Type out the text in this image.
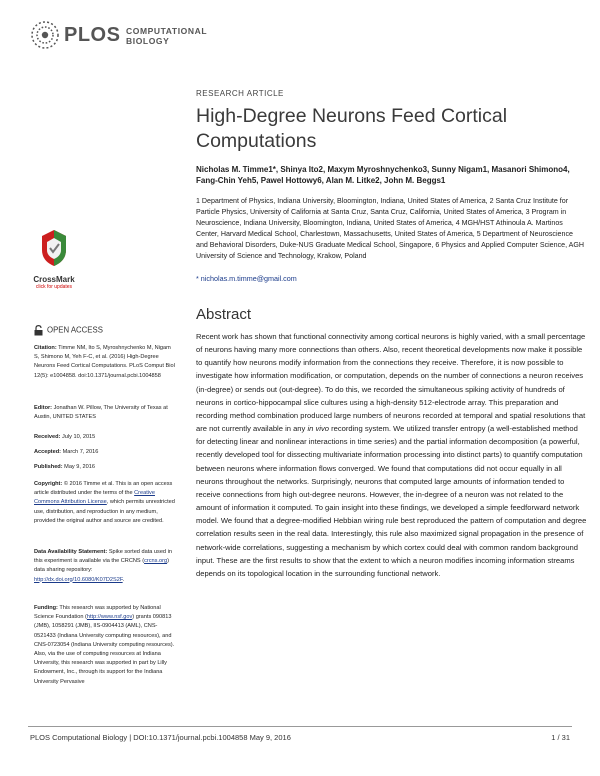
PLOS COMPUTATIONAL
BIOLOGY
CrossMark
click for updates
RESEARCH ARTICLE
High-Degree Neurons Feed Cortical Computations
Nicholas M. Timme1*, Shinya Ito2, Maxym Myroshnychenko3, Sunny Nigam1, Masanori Shimono4, Fang-Chin Yeh5, Pawel Hottowy6, Alan M. Litke2, John M. Beggs1
1 Department of Physics, Indiana University, Bloomington, Indiana, United States of America, 2 Santa Cruz Institute for Particle Physics, University of California at Santa Cruz, Santa Cruz, California, United States of America, 3 Program in Neuroscience, Indiana University, Bloomington, Indiana, United States of America, 4 MGH/HST Athinoula A. Martinos Center, Harvard Medical School, Charlestown, Massachusetts, United States of America, 5 Department of Neuroscience and Behavioral Disorders, Duke-NUS Graduate Medical School, Singapore, 6 Physics and Applied Computer Science, AGH University of Science and Technology, Krakow, Poland
* nicholas.m.timme@gmail.com
Abstract

Recent work has shown that functional connectivity among cortical neurons is highly varied, with a small percentage of neurons having many more connections than others. Also, recent theoretical developments now make it possible to quantify how neurons modify information from the connections they receive. Therefore, it is now possible to investigate how information modification, or computation, depends on the number of connections a neuron receives (in-degree) or sends out (out-degree). To do this, we recorded the simultaneous spiking activity of hundreds of neurons in cortico-hippocampal slice cultures using a high-density 512-electrode array. This preparation and recording method combination produced large numbers of neurons recorded at temporal and spatial resolutions that are not currently available in any in vivo recording system. We utilized transfer entropy (a well-established method for detecting linear and nonlinear interactions in time series) and the partial information decomposition (a powerful, recently developed tool for dissecting multivariate information processing into distinct parts) to quantify computation between neurons where information flows converged. We found that computations did not occur equally in all neurons throughout the networks. Surprisingly, neurons that computed large amounts of information tended to receive connections from high out-degree neurons. However, the in-degree of a neuron was not related to the amount of information it computed. To gain insight into these findings, we developed a simple feedforward network model. We found that a degree-modified Hebbian wiring rule best reproduced the pattern of computation and degree correlation results seen in the real data. Interestingly, this rule also maximized signal propagation in the presence of network-wide correlations, suggesting a mechanism by which cortex could deal with common random background input. These are the first results to show that the extent to which a neuron modifies incoming information streams depends on its topological location in the surrounding functional network.

OPEN ACCESS
Citation: Timme NM, Ito S, Myroshnychenko M, Nigam S, Shimono M, Yeh F-C, et al. (2016) High-Degree Neurons Feed Cortical Computations. PLoS Comput Biol 12(5): e1004858. doi:10.1371/journal.pcbi.1004858
Editor: Jonathan W. Pillow, The University of Texas at Austin, UNITED STATES
Received: July 10, 2015
Accepted: March 7, 2016
Published: May 9, 2016
Copyright: © 2016 Timme et al. This is an open access article distributed under the terms of the Creative Commons Attribution License, which permits unrestricted use, distribution, and reproduction in any medium, provided the original author and source are credited.
Data Availability Statement: Spike sorted data used in this experiment is available via the CRCNS (crcns.org) data sharing repository: http://dx.doi.org/10.6080/K07D2S2F.
Funding: This research was supported by National Science Foundation (http://www.nsf.gov) grants 090813 (JMB), 1058291 (JMB), IIS-0904413 (AML), CNS-0521433 (Indiana University computing resources), and CNS-0723054 (Indiana University computing resources). Also, via the use of computing resources at Indiana University, this research was supported in part by Lilly Endowment, Inc., through its support for the Indiana University Pervasive
PLOS Computational Biology | DOI:10.1371/journal.pcbi.1004858 May 9, 2016	1 / 31
